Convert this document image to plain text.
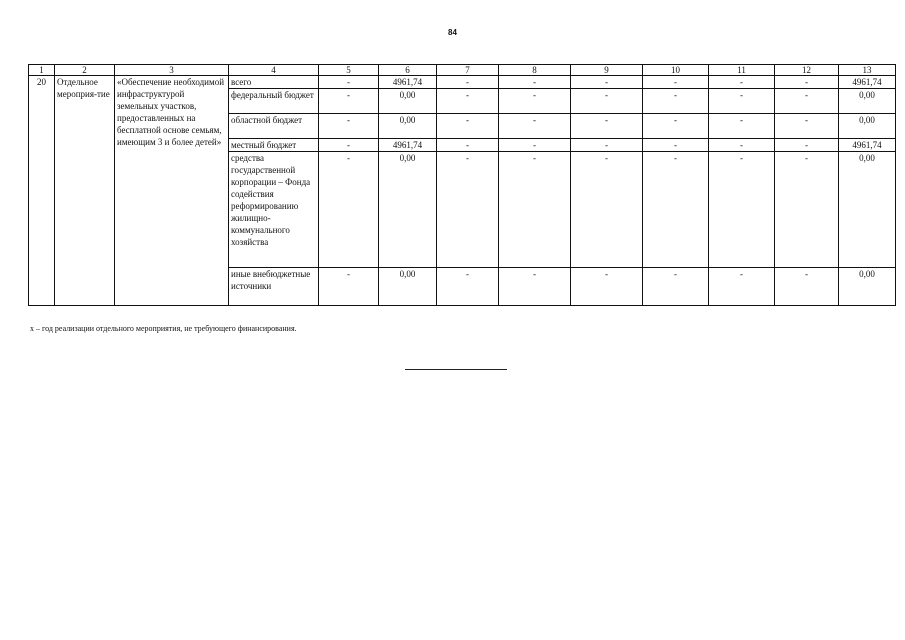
84
1	2	3	4	5	6	7	8	9	10	11	12	13
20	Отдельное мероприя-тие	«Обеспечение необходимой инфраструктурой земельных участков, предоставленных на бесплатной основе семьям, имеющим 3 и более детей»	всего	-	4961,74	-	-	-	-	-	-	4961,74
			федеральный бюджет	-	0,00	-	-	-	-	-	-	0,00
			областной бюджет	-	0,00	-	-	-	-	-	-	0,00
			местный бюджет	-	4961,74	-	-	-	-	-	-	4961,74
			средства государственной корпорации – Фонда содействия реформированию жилищно-коммунального хозяйства	-	0,00	-	-	-	-	-	-	0,00
			иные внебюджетные источники	-	0,00	-	-	-	-	-	-	0,00
х – год реализации отдельного мероприятия, не требующего финансирования.
